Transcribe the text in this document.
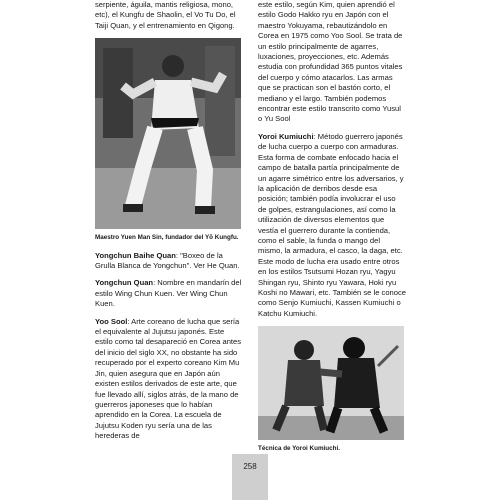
serpiente, águila, mantis religiosa, mono, etc), el Kungfu de Shaolin, el Vo Tu Do, el Taiji Quan, y el entrenamiento en Qigong.

Maestro Yuen Man Sin, fundador del Yõ Kungfu.

Yongchun Baihe Quan: "Boxeo de la Grulla Blanca de Yongchun". Ver He Quan.

Yongchun Quan: Nombre en mandarín del estilo Wing Chun Kuen. Ver Wing Chun Kuen.

Yoo Sool: Arte coreano de lucha que sería el equivalente al Jujutsu japonés. Este estilo como tal desapareció en Corea antes del inicio del siglo XX, no obstante ha sido recuperado por el experto coreano Kim Mu Jin, quien asegura que en Japón aún existen estilos derivados de este arte, que fue llevado allí, siglos atrás, de la mano de guerreros japoneses que lo habían aprendido en la Corea. La escuela de Jujutsu Koden ryu sería una de las herederas de

este estilo, según Kim, quien aprendió el estilo Godo Hakko ryu en Japón con el maestro Yokuyama, rebautizándolo en Corea en 1975 como Yoo Sool. Se trata de un estilo principalmente de agarres, luxaciones, proyecciones, etc. Además estudia con profundidad 365 puntos vitales del cuerpo y cómo atacarlos. Las armas que se practican son el bastón corto, el mediano y el largo. También podemos encontrar este estilo transcrito como Yusul o Yu Sool

Yoroi Kumiuchi: Método guerrero japonés de lucha cuerpo a cuerpo con armaduras. Esta forma de combate enfocado hacia el campo de batalla partía principalmente de un agarre simétrico entre los adversarios, y la aplicación de derribos desde esa posición; también podía involucrar el uso de golpes, estrangulaciones, así como la utilización de diversos elementos que vestía el guerrero durante la contienda, como el sable, la funda o mango del mismo, la armadura, el casco, la daga, etc. Este modo de lucha era usado entre otros en los estilos Tsutsumi Hozan ryu, Yagyu Shingan ryu, Shinto ryu Yawara, Hoki ryu Koshi no Mawari, etc. También se le conoce como Senjo Kumiuchi, Kassen Kumiuchi o Katchu Kumiuchi.

Técnica de Yoroi Kumiuchi.
258
